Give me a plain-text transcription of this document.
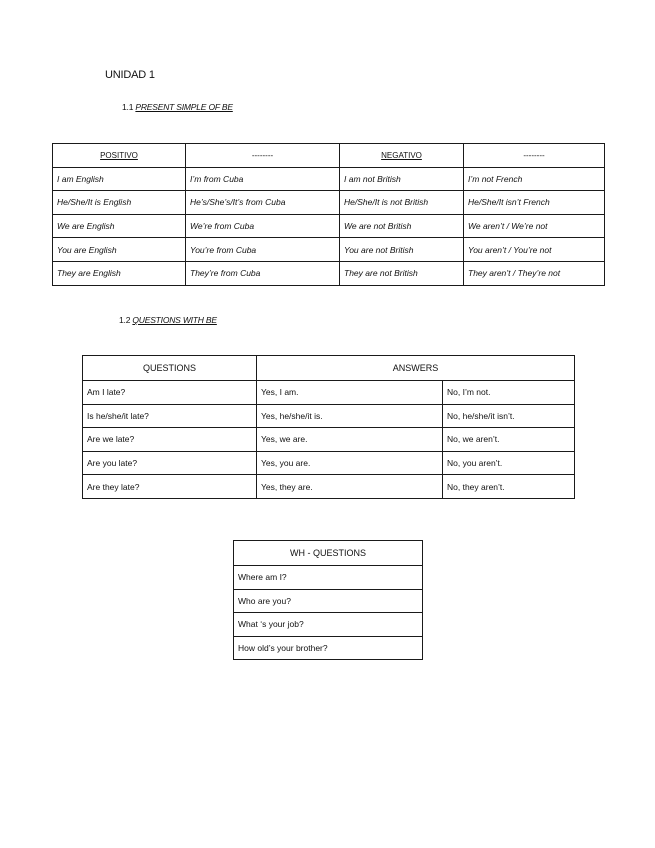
UNIDAD 1
1.1 PRESENT SIMPLE OF BE
POSITIVO	--------	NEGATIVO	--------
I am English	I’m from Cuba	I am not British	I’m not French
He/She/It is English	He’s/She’s/It’s from Cuba	He/She/It is not British	He/She/It isn’t French
We are English	We’re from Cuba	We are not British	We aren’t / We’re not
You are English	You’re from Cuba	You are not British	You aren’t / You’re not
They are English	They’re from Cuba	They are not British	They aren’t / They’re not
1.2 QUESTIONS WITH BE
QUESTIONS	ANSWERS	
Am I late?	Yes, I am.	No, I’m not.
Is he/she/it late?	Yes, he/she/it is.	No, he/she/it isn’t.
Are we late?	Yes, we are.	No, we aren’t.
Are you late?	Yes, you are.	No, you aren’t.
Are they late?	Yes, they are.	No, they aren’t.
WH - QUESTIONS
Where am I?
Who are you?
What ‘s your job?
How old’s your brother?
